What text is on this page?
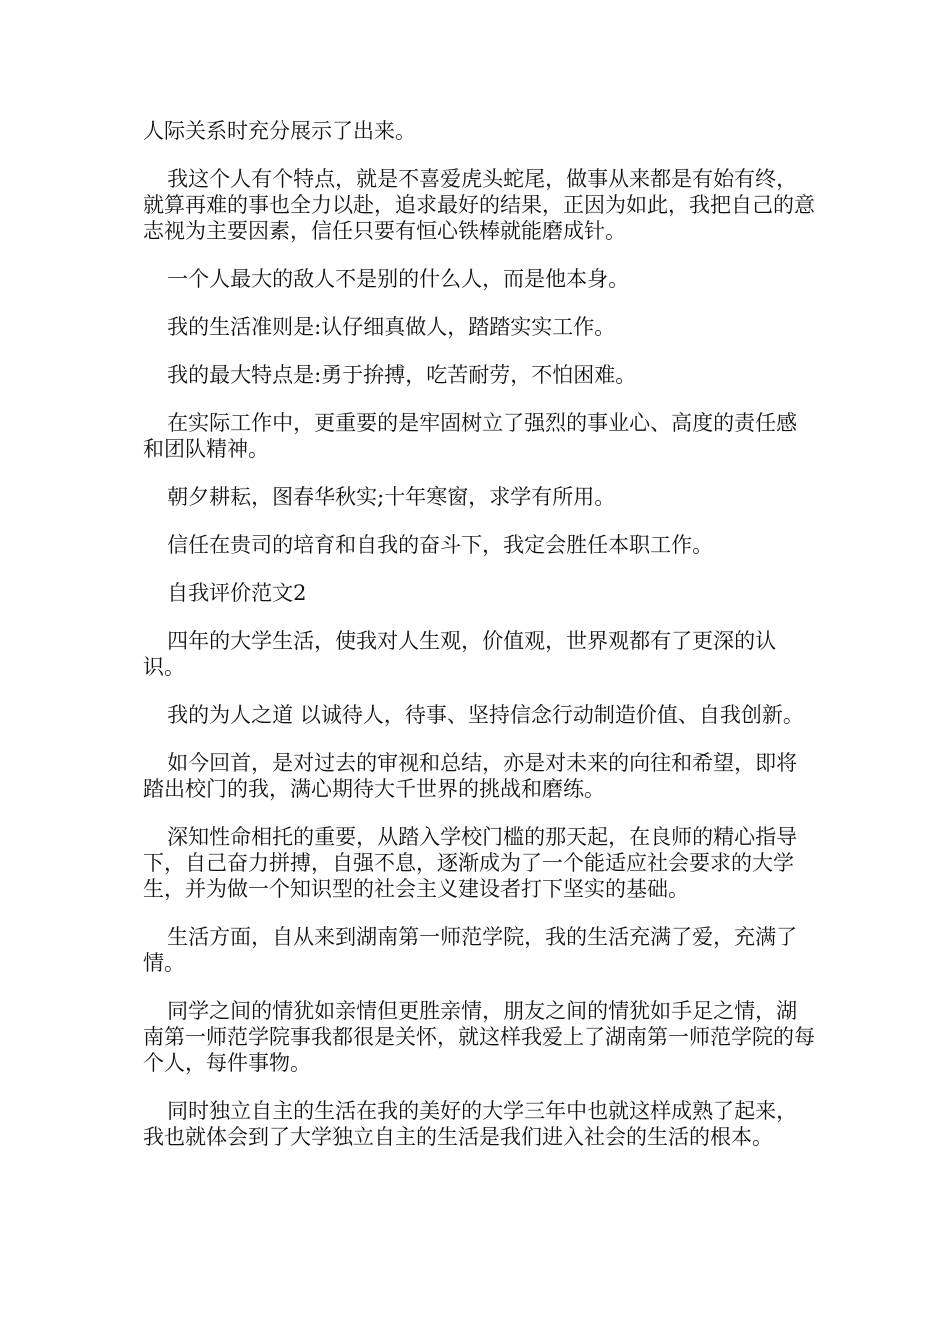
人际关系时充分展示了出来。

我这个人有个特点，就是不喜爱虎头蛇尾，做事从来都是有始有终，就算再难的事也全力以赴，追求最好的结果，正因为如此，我把自己的意志视为主要因素，信任只要有恒心铁棒就能磨成针。

一个人最大的敌人不是别的什么人，而是他本身。

我的生活准则是:认仔细真做人，踏踏实实工作。

我的最大特点是:勇于拚搏，吃苦耐劳，不怕困难。

在实际工作中，更重要的是牢固树立了强烈的事业心、高度的责任感和团队精神。

朝夕耕耘，图春华秋实;十年寒窗，求学有所用。

信任在贵司的培育和自我的奋斗下，我定会胜任本职工作。

自我评价范文2

四年的大学生活，使我对人生观，价值观，世界观都有了更深的认识。

我的为人之道 以诚待人，待事、坚持信念行动制造价值、自我创新。

如今回首，是对过去的审视和总结，亦是对未来的向往和希望，即将踏出校门的我，满心期待大千世界的挑战和磨练。

深知性命相托的重要，从踏入学校门槛的那天起，在良师的精心指导下，自己奋力拼搏，自强不息，逐渐成为了一个能适应社会要求的大学生，并为做一个知识型的社会主义建设者打下坚实的基础。

生活方面，自从来到湖南第一师范学院，我的生活充满了爱，充满了情。

同学之间的情犹如亲情但更胜亲情，朋友之间的情犹如手足之情，湖南第一师范学院事我都很是关怀，就这样我爱上了湖南第一师范学院的每个人，每件事物。

同时独立自主的生活在我的美好的大学三年中也就这样成熟了起来，我也就体会到了大学独立自主的生活是我们进入社会的生活的根本。
